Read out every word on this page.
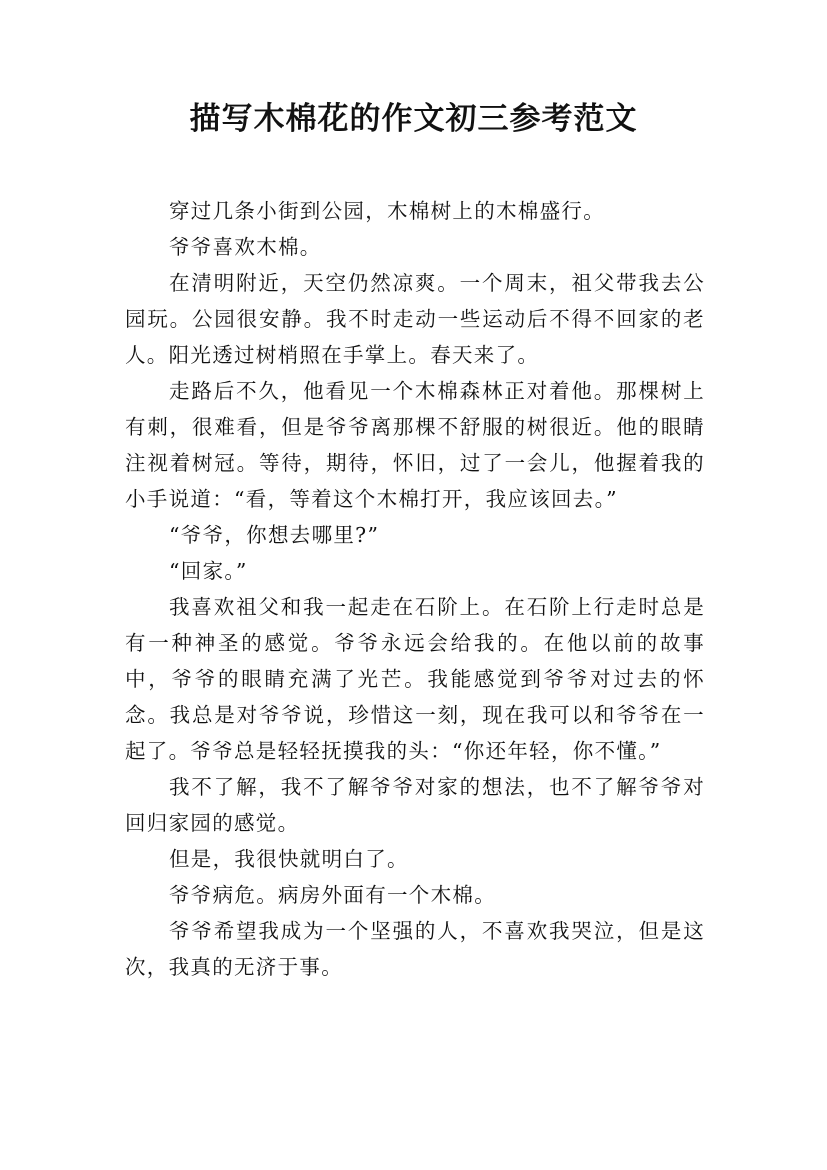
描写木棉花的作文初三参考范文

穿过几条小街到公园，木棉树上的木棉盛行。

爷爷喜欢木棉。

在清明附近，天空仍然凉爽。一个周末，祖父带我去公园玩。公园很安静。我不时走动一些运动后不得不回家的老人。阳光透过树梢照在手掌上。春天来了。

走路后不久，他看见一个木棉森林正对着他。那棵树上有刺，很难看，但是爷爷离那棵不舒服的树很近。他的眼睛注视着树冠。等待，期待，怀旧，过了一会儿，他握着我的小手说道：“看，等着这个木棉打开，我应该回去。”

“爷爷，你想去哪里?”

“回家。”

我喜欢祖父和我一起走在石阶上。在石阶上行走时总是有一种神圣的感觉。爷爷永远会给我的。在他以前的故事中，爷爷的眼睛充满了光芒。我能感觉到爷爷对过去的怀念。我总是对爷爷说，珍惜这一刻，现在我可以和爷爷在一起了。爷爷总是轻轻抚摸我的头：“你还年轻，你不懂。”

我不了解，我不了解爷爷对家的想法，也不了解爷爷对回归家园的感觉。

但是，我很快就明白了。

爷爷病危。病房外面有一个木棉。

爷爷希望我成为一个坚强的人，不喜欢我哭泣，但是这次，我真的无济于事。
